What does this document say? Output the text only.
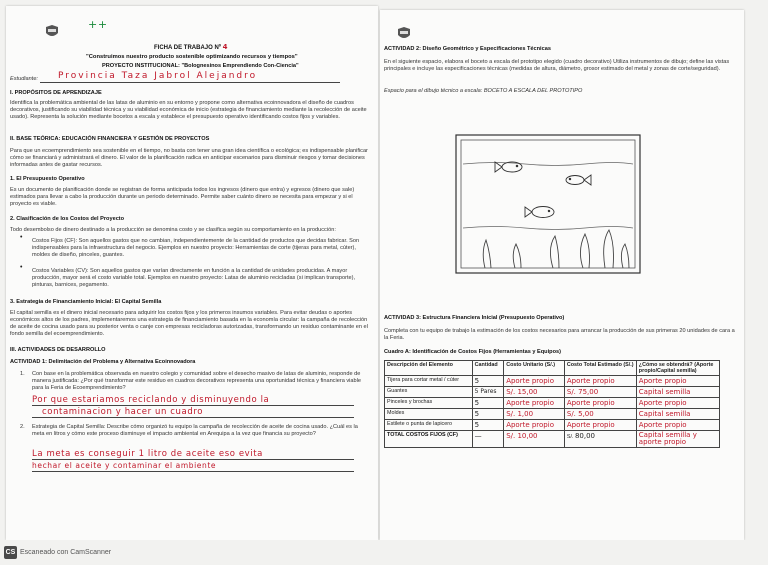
++
FICHA DE TRABAJO Nº 4
"Construimos nuestro producto sostenible optimizando recursos y tiempos"
PROYECTO INSTITUCIONAL: "Bolognesinos Emprendiendo Con-Ciencia"
Estudiante: Provincia Taza Jabrol Alejandro
I. PROPÓSITOS DE APRENDIZAJE
Identifica la problemática ambiental de las latas de aluminio en su entorno y propone como alternativa ecoinnovadora el diseño de cuadros decorativos, justificando su viabilidad técnica y su viabilidad económica de inicio (estrategia de financiamiento mediante la recolección de aceite usado). Representa la solución mediante bocetos a escala y establece el presupuesto operativo identificando costos fijos y variables.
II. BASE TEÓRICA: EDUCACIÓN FINANCIERA Y GESTIÓN DE PROYECTOS
Para que un ecoemprendimiento sea sostenible en el tiempo, no basta con tener una gran idea científica o ecológica; es indispensable planificar cómo se financiará y administrará el dinero. El valor de la planificación radica en anticipar escenarios para disminuir riesgos y tomar decisiones informadas antes de gastar recursos.
1. El Presupuesto Operativo
Es un documento de planificación donde se registran de forma anticipada todos los ingresos (dinero que entra) y egresos (dinero que sale) estimados para llevar a cabo la producción durante un periodo determinado. Permite saber cuánto dinero se necesita para empezar y si el proyecto es viable.
2. Clasificación de los Costos del Proyecto
Todo desembolso de dinero destinado a la producción se denomina costo y se clasifica según su comportamiento en la producción:
• Costos Fijos (CF): Son aquellos gastos que no cambian, independientemente de la cantidad de productos que decidas fabricar. Son indispensables para la infraestructura del negocio. Ejemplos en nuestro proyecto: Herramientas de corte (tijeras para metal, cúter), moldes de diseño, pinceles, guantes.
• Costos Variables (CV): Son aquellos gastos que varían directamente en función a la cantidad de unidades producidas. A mayor producción, mayor será el costo variable total. Ejemplos en nuestro proyecto: Latas de aluminio recicladas (si implican transporte), pinturas, barnices, pegamento.
3. Estrategia de Financiamiento Inicial: El Capital Semilla
El capital semilla es el dinero inicial necesario para adquirir los costos fijos y los primeros insumos variables. Para evitar deudas o aportes económicos altos de los padres, implementaremos una estrategia de financiamiento basada en la economía circular: la campaña de recolección de aceite de cocina usado para su posterior venta o canje con empresas recicladoras autorizadas, transformando un residuo contaminante en el fondo semilla del ecoemprendimiento.
III. ACTIVIDADES DE DESARROLLO
ACTIVIDAD 1: Delimitación del Problema y Alternativa Ecoinnovadora
1. Con base en la problemática observada en nuestro colegio y comunidad sobre el desecho masivo de latas de aluminio, responde de manera justificada: ¿Por qué transformar este residuo en cuadros decorativos representa una oportunidad técnica y financiera viable para la Feria de Ecoemprendimiento?
Por que estariamos reciclando y disminuyendo la
contaminacion y hacer un cuadro
2. Estrategia de Capital Semilla: Describe cómo organizó tu equipo la campaña de recolección de aceite de cocina usado. ¿Cuál es la meta en litros y cómo este proceso disminuye el impacto ambiental en Arequipa a la vez que financia su proyecto?
La meta es conseguir 1 litro de aceite eso evita
hechar el aceite y contaminar el ambiente
ACTIVIDAD 2: Diseño Geométrico y Especificaciones Técnicas
En el siguiente espacio, elabora el boceto a escala del prototipo elegido (cuadro decorativo) Utiliza instrumentos de dibujo; define las vistas principales e incluye las especificaciones técnicas (medidas de altura, diámetro, grosor estimado del metal y zonas de corte/seguridad).
Espacio para el dibujo técnico a escala: BOCETO A ESCALA DEL PROTOTIPO
ACTIVIDAD 3: Estructura Financiera Inicial (Presupuesto Operativo)
Completa con tu equipo de trabajo la estimación de los costos necesarios para arrancar la producción de sus primeras 20 unidades de cara a la Feria.
Cuadro A: Identificación de Costos Fijos (Herramientas y Equipos)
Descripción del Elemento	Cantidad	Costo Unitario (S/.)	Costo Total Estimado (S/.)	¿Cómo se obtendrá? (Aporte propio/Capital semilla)
Tijera para cortar metal / cúter	5	Aporte propio	Aporte propio	Aporte propio
Guantes	5 Pares	S/. 15,00	S/. 75,00	Capital semilla
Pinceles y brochas	5	Aporte propio	Aporte propio	Aporte propio
Moldes	5	S/. 1,00	S/. 5,00	Capital semilla
Estilete o punta de lapicero	5	Aporte propio	Aporte propio	Aporte propio
TOTAL COSTOS FIJOS (CF)	—	S/. 10,00	S/. 80,00	Capital semilla y aporte propio
CS Escaneado con CamScanner
